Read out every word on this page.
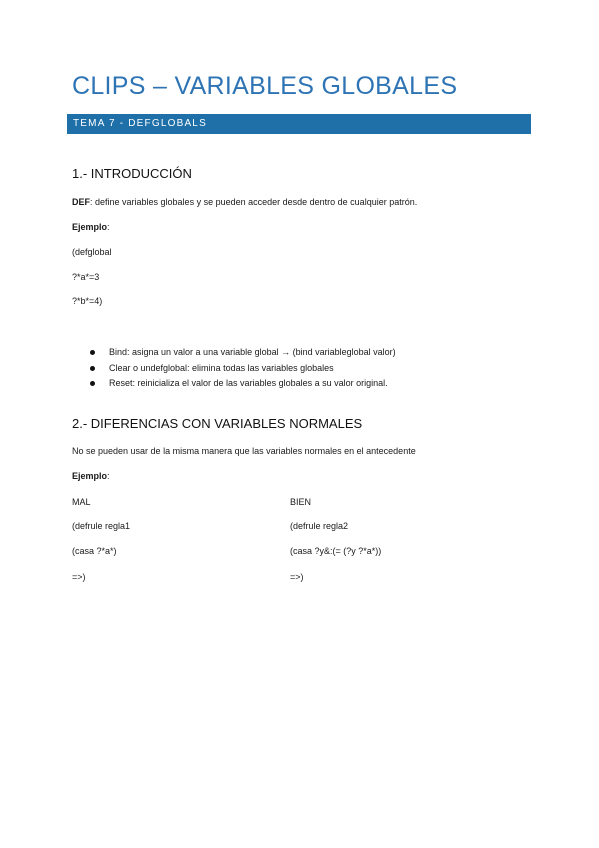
CLIPS – VARIABLES GLOBALES
TEMA 7 - DEFGLOBALS
1.- INTRODUCCIÓN
DEF: define variables globales y se pueden acceder desde dentro de cualquier patrón.
Ejemplo:
(defglobal
?*a*=3
?*b*=4)
Bind: asigna un valor a una variable global → (bind variableglobal valor)
Clear o undefglobal: elimina todas las variables globales
Reset: reinicializa el valor de las variables globales a su valor original.
2.- DIFERENCIAS CON VARIABLES NORMALES
No se pueden usar de la misma manera que las variables normales en el antecedente
Ejemplo:
MAL	BIEN
(defrule regla1	(defrule regla2
(casa ?*a*)	(casa ?y&:(= (?y ?*a*))
=>)	=>)
